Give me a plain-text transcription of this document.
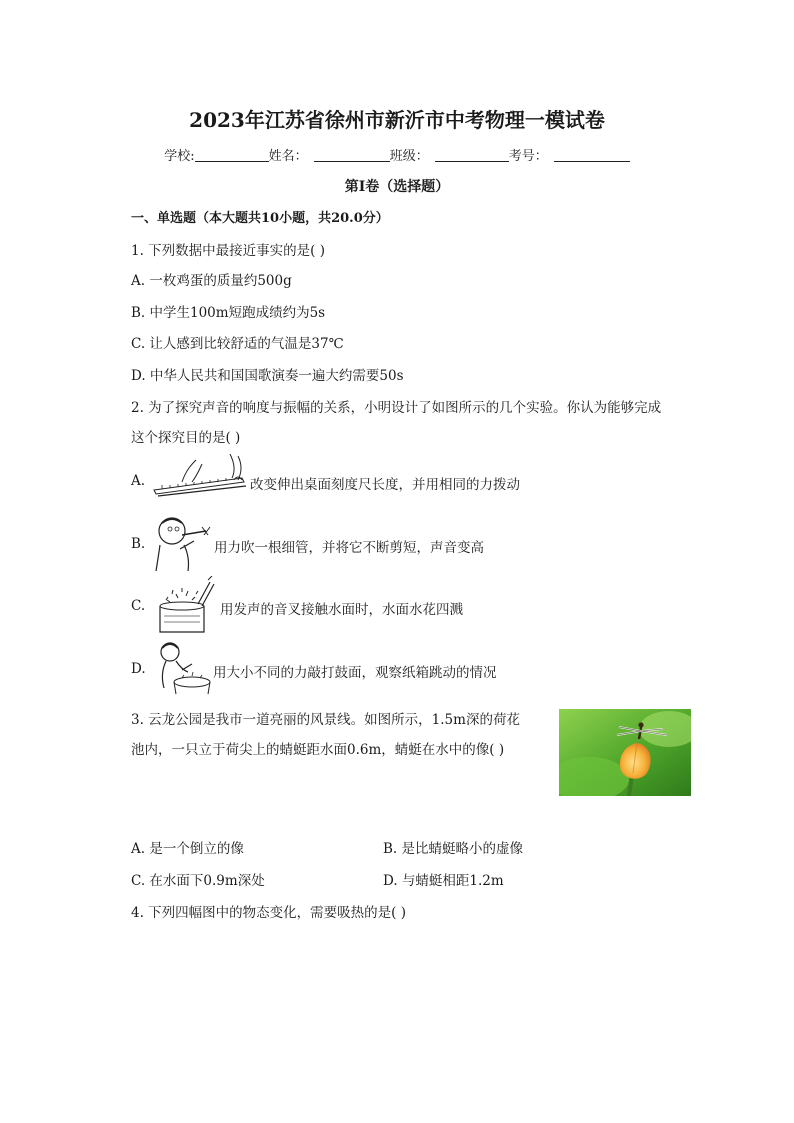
2023年江苏省徐州市新沂市中考物理一模试卷
学校:	姓名：	班级：	考号：
第I卷（选择题）
一、单选题（本大题共10小题，共20.0分）
1. 下列数据中最接近事实的是( )
A. 一枚鸡蛋的质量约500g
B. 中学生100m短跑成绩约为5s
C. 让人感到比较舒适的气温是37℃
D. 中华人民共和国国歌演奏一遍大约需要50s
2. 为了探究声音的响度与振幅的关系，小明设计了如图所示的几个实验。你认为能够完成
这个探究目的是( )
A.	改变伸出桌面刻度尺长度，并用相同的力拨动
B.	用力吹一根细管，并将它不断剪短，声音变高
C.	用发声的音叉接触水面时，水面水花四溅
D.	用大小不同的力敲打鼓面，观察纸箱跳动的情况
3. 云龙公园是我市一道亮丽的风景线。如图所示，1.5m深的荷花
池内，一只立于荷尖上的蜻蜓距水面0.6m，蜻蜓在水中的像( )
A. 是一个倒立的像	B. 是比蜻蜓略小的虚像
C. 在水面下0.9m深处	D. 与蜻蜓相距1.2m
4. 下列四幅图中的物态变化，需要吸热的是( )
